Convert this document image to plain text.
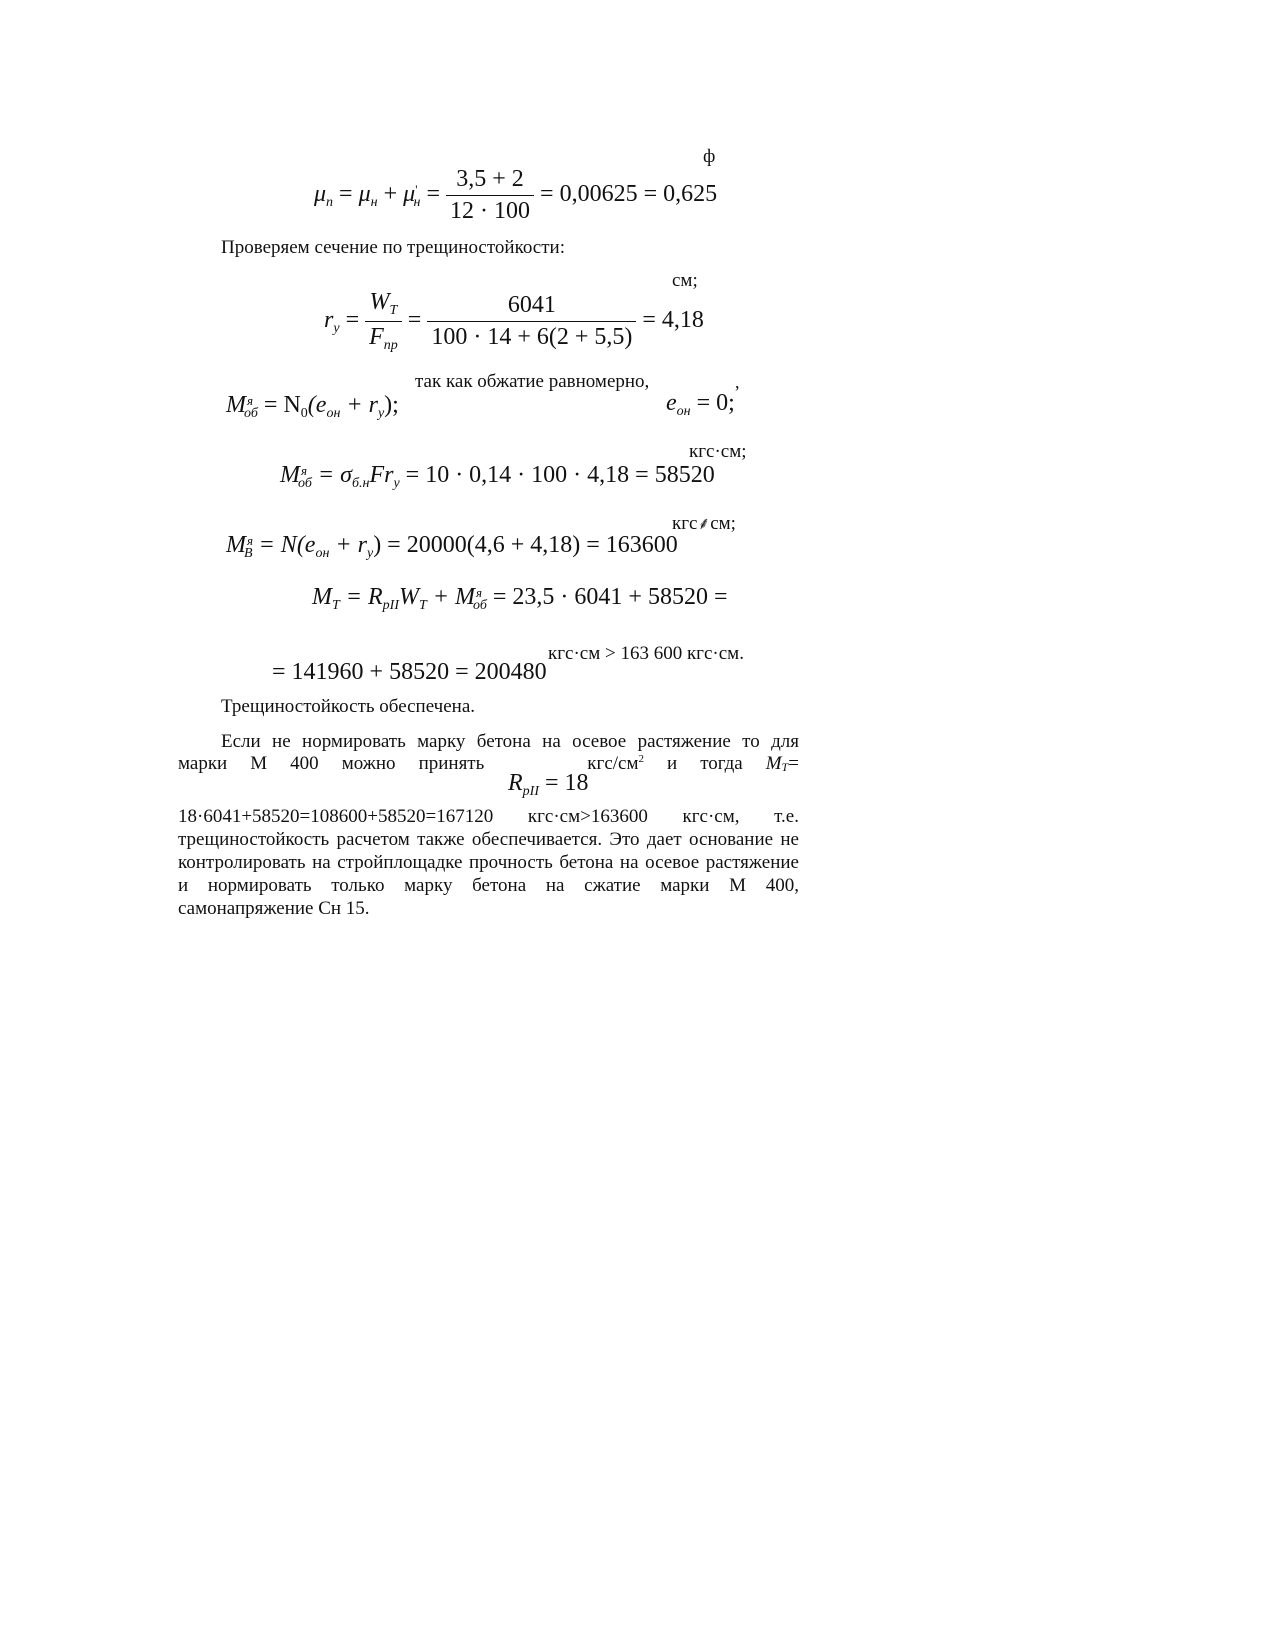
ф
$\mu_n = \mu_н + \mu'_н = \frac{3,5 + 2}{12 \cdot 100} = 0,00625 = 0,625$
Проверяем сечение по трещиностойкости:
см;
$r_y = \frac{W_T}{F_{пр}} = \frac{6041}{100 \cdot 14 + 6(2 + 5,5)} = 4,18$
$M^я_{об} = N_0(e_{он} + r_y)$;
так как обжатие равномерно,
$e_{он} = 0$;
,
кгс·см;
$M^я_{об} = \sigma_{б.н}Fr_y = 10 \cdot 0,14 \cdot 100 \cdot 4,18 = 58520$
кгс⸙см;
$M^я_B = N(e_{он} + r_y) = 20000(4,6 + 4,18) = 163600$
$M_T = R_{pII}W_T + M^я_{об} = 23,5 \cdot 6041 + 58520$ =
= 141960 + 58520 = 200480
кгс·см > 163 600 кгс·см.
Трещиностойкость обеспечена.
Если не нормировать марку бетона на осевое растяжение то для
марки М 400 можно принять	кгс/$см^2$ и тогда $M_T=$
$R_{pII} = 18$
18·6041+58520=108600+58520=167120 кгс·см>163600 кгс·см, т.е. трещиностойкость расчетом также обеспечивается. Это дает основание не контролировать на стройплощадке прочность бетона на осевое растяжение и нормировать только марку бетона на сжатие марки М 400, самонапряжение Сн 15.
